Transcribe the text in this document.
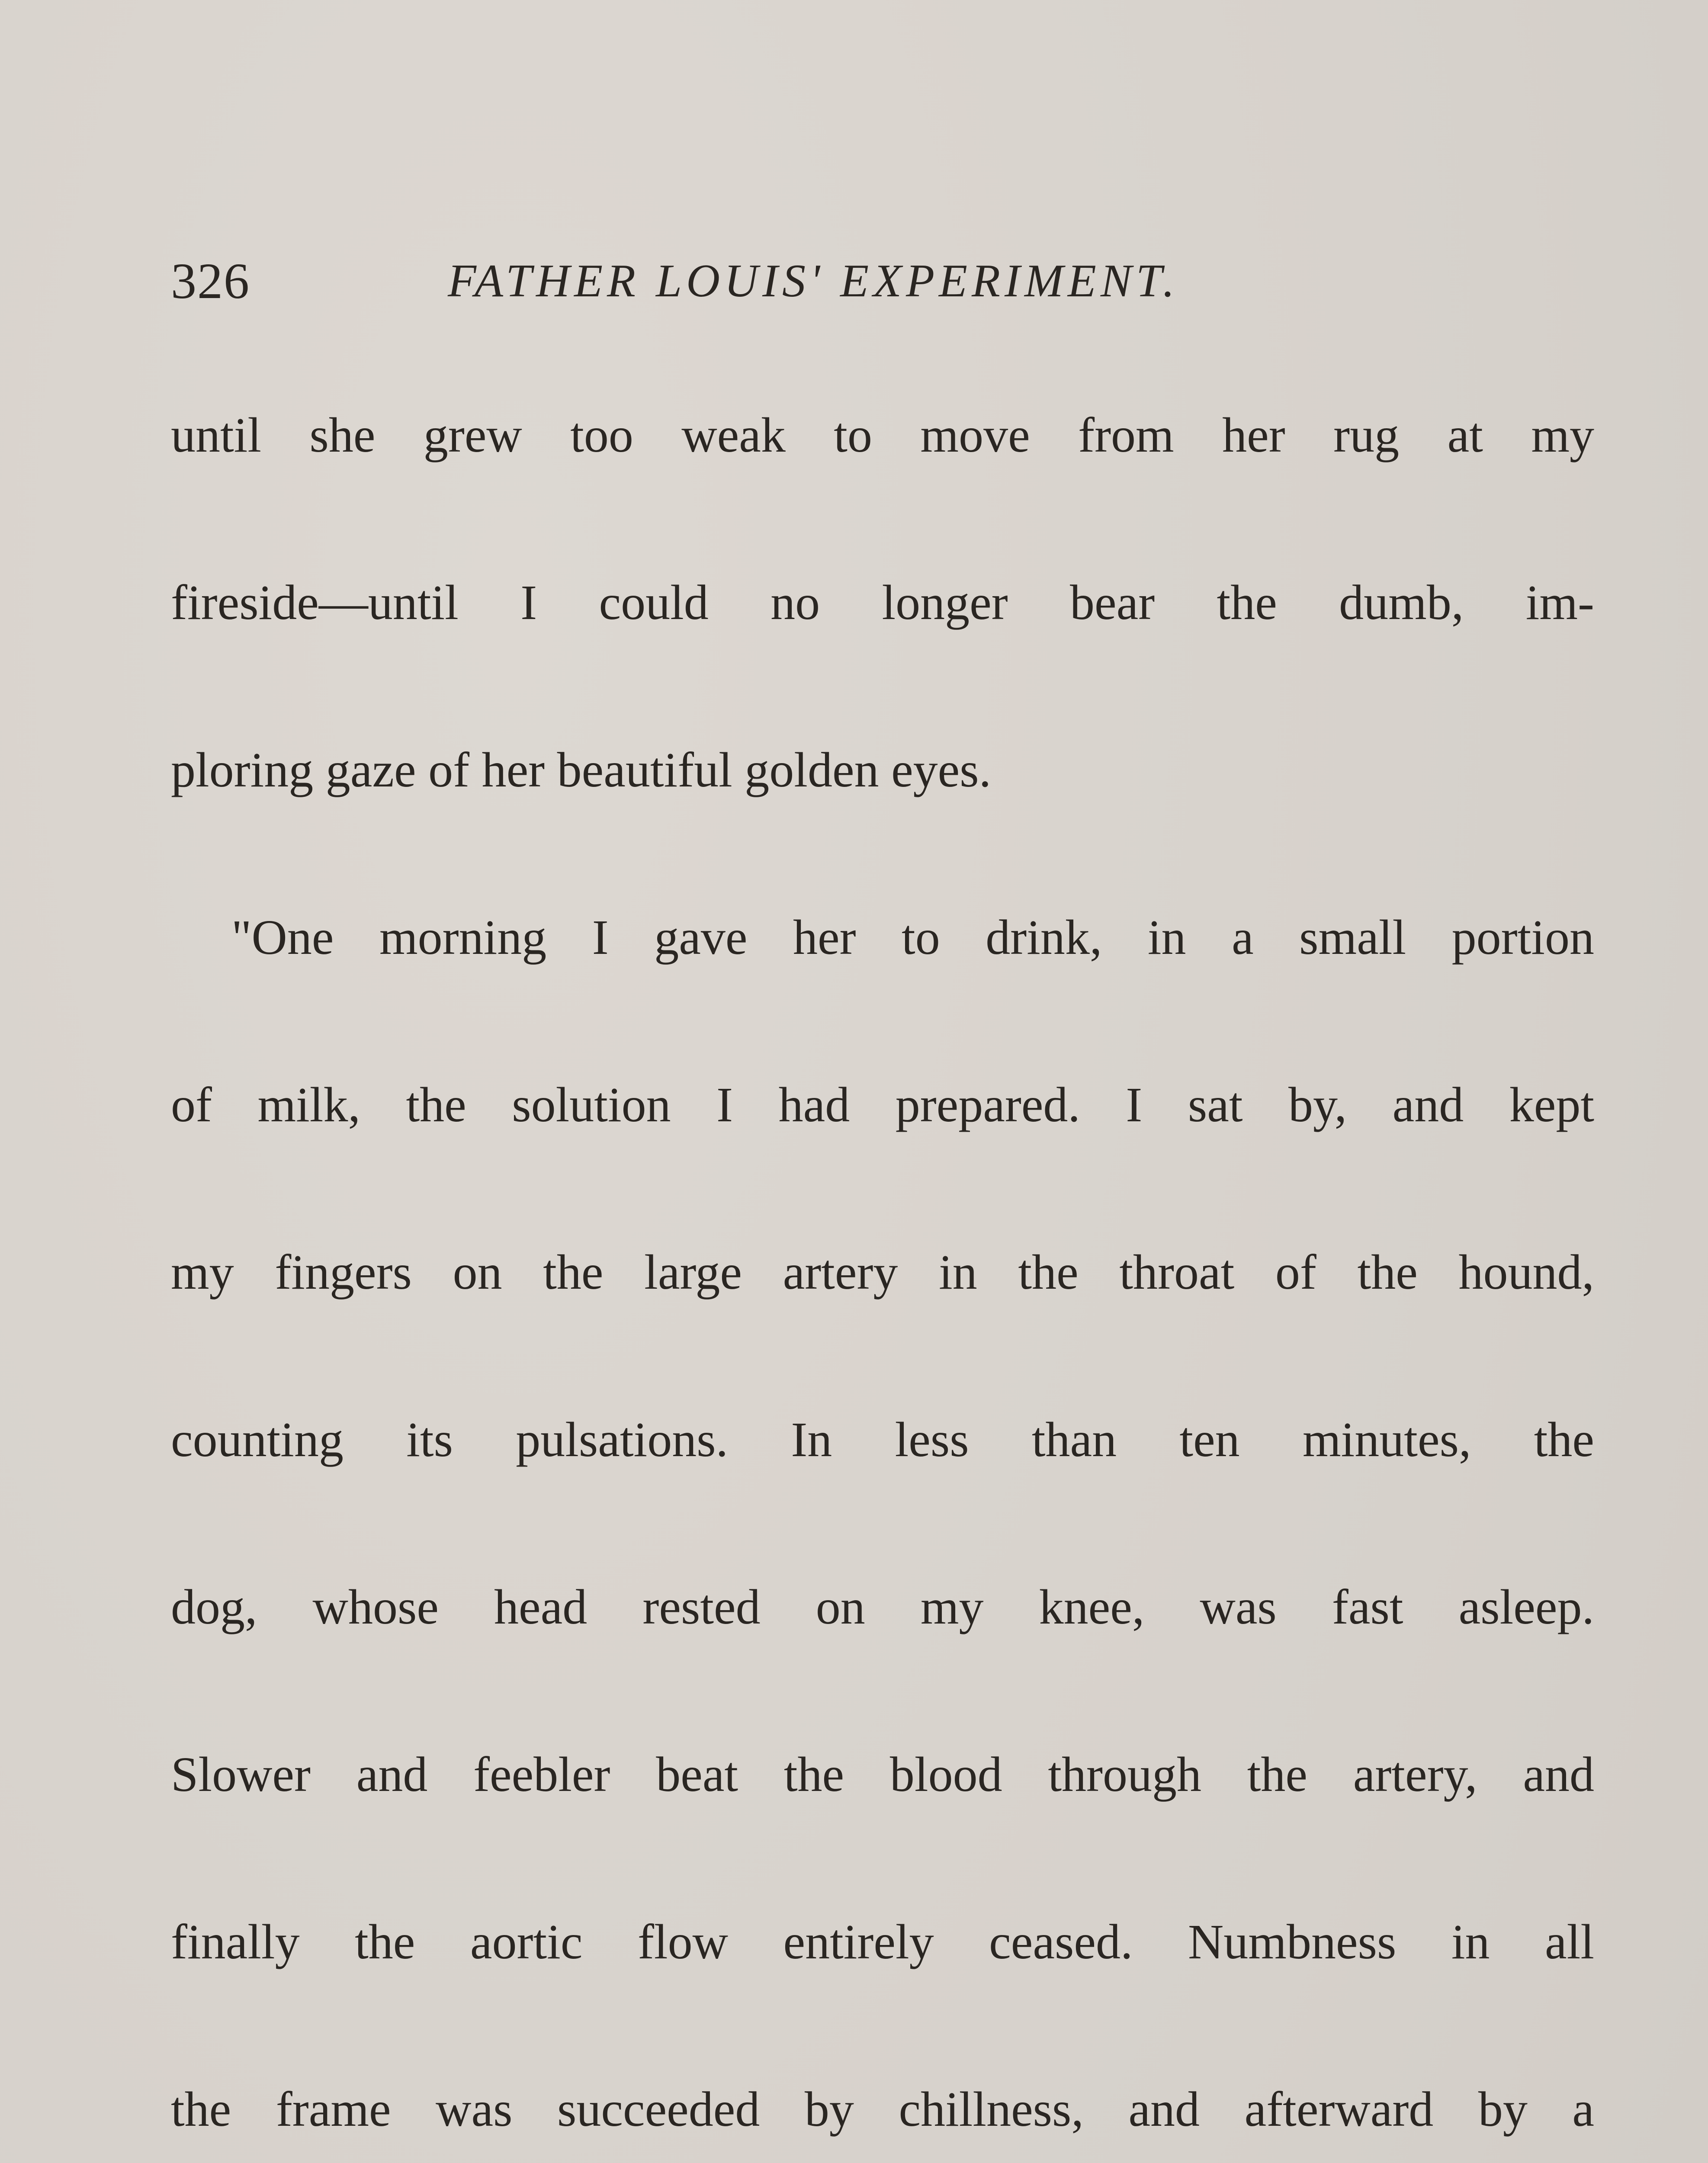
326	FATHER LOUIS' EXPERIMENT.
until she grew too weak to move from her rug at my
fireside—until I could no longer bear the dumb, im-
ploring gaze of her beautiful golden eyes.
"One morning I gave her to drink, in a small portion
of milk, the solution I had prepared. I sat by, and kept
my fingers on the large artery in the throat of the hound,
counting its pulsations. In less than ten minutes, the
dog, whose head rested on my knee, was fast asleep.
Slower and feebler beat the blood through the artery, and
finally the aortic flow entirely ceased. Numbness in all
the frame was succeeded by chillness, and afterward by a
